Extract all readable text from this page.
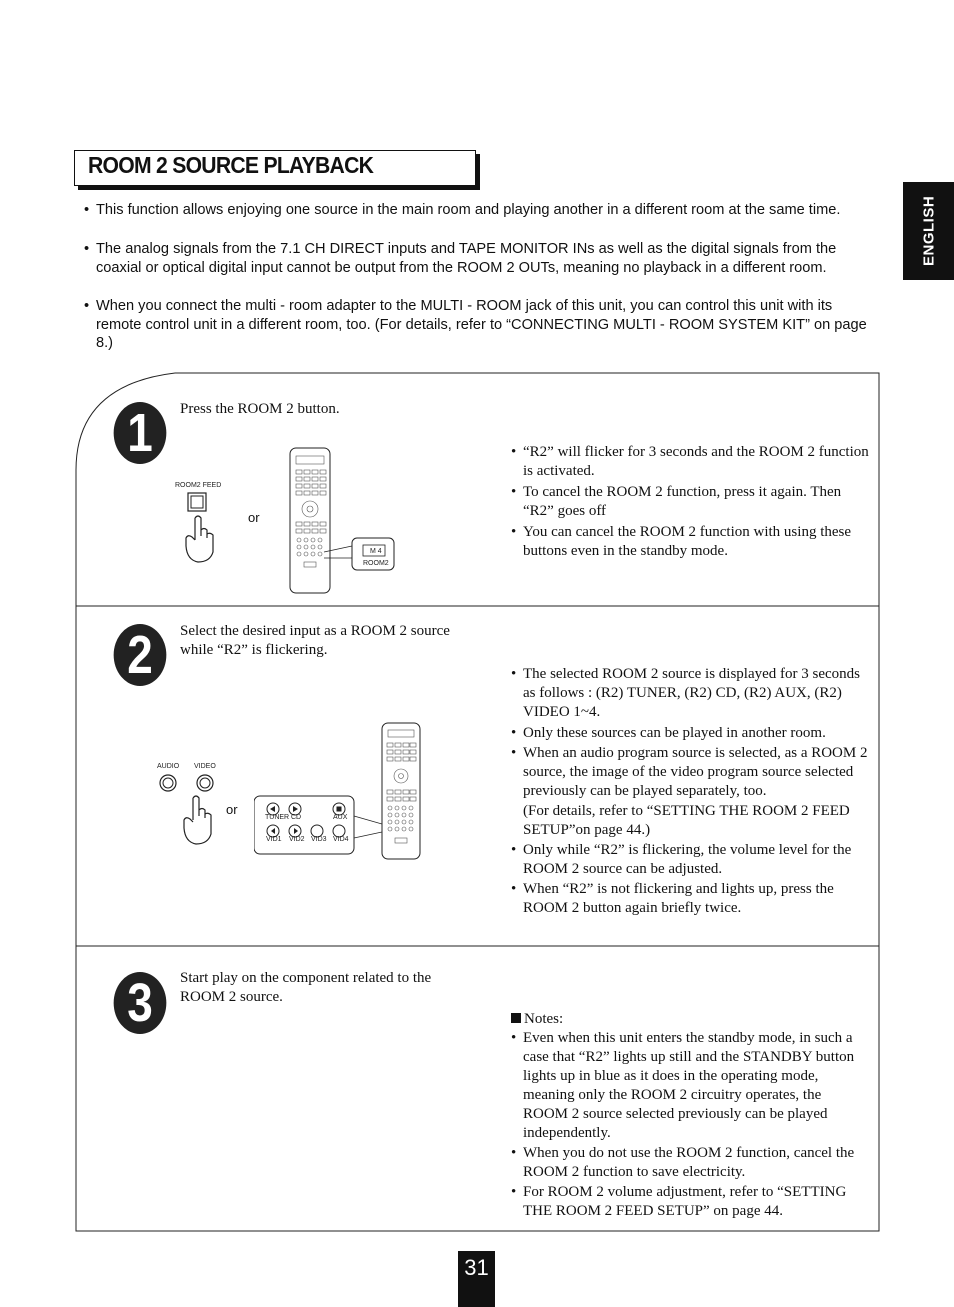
ROOM 2 SOURCE PLAYBACK
ENGLISH
• This function allows enjoying one source in the main room and playing another in a different room at the same time.
• The analog signals from the 7.1 CH DIRECT inputs and TAPE MONITOR INs as well as the digital signals from the coaxial or optical digital input cannot be output from the ROOM 2 OUTs, meaning no playback in a different room.
• When you connect the multi - room adapter to the MULTI - ROOM jack of this unit, you can control this unit with its remote control unit in a different room, too. (For details, refer to “CONNECTING MULTI - ROOM SYSTEM KIT” on page 8.)
1	Press the ROOM 2 button.
ROOM2 FEED
or
M 4
ROOM2
• “R2” will flicker for 3 seconds and the ROOM 2 function is activated.
• To cancel the ROOM 2 function, press it again. Then “R2” goes off
• You can cancel the ROOM 2 function with using these buttons even in the standby mode.
2	Select the desired input as a ROOM 2 source while “R2” is flickering.
AUDIO VIDEO
or
TUNER CD	AUX
VID1 VID2 VID3 VID4
• The selected ROOM 2 source is displayed for 3 seconds as follows : (R2) TUNER, (R2) CD, (R2) AUX, (R2) VIDEO 1~4.
• Only these sources can be played in another room.
• When an audio program source is selected, as a ROOM 2 source, the image of the video program source selected previously can be played separately, too.
(For details, refer to “SETTING THE ROOM 2 FEED SETUP”on page 44.)
• Only while “R2” is flickering, the volume level for the ROOM 2 source can be adjusted.
• When “R2” is not flickering and lights up, press the ROOM 2 button again briefly twice.
3	Start play on the component related to the ROOM 2 source.
Notes:
• Even when this unit enters the standby mode, in such a case that “R2” lights up still and the STANDBY button lights up in blue as it does in the operating mode, meaning only the ROOM 2 circuitry operates, the ROOM 2 source selected previously can be played independently.
• When you do not use the ROOM 2 function, cancel the ROOM 2 function to save electricity.
• For ROOM 2 volume adjustment, refer to “SETTING THE ROOM 2 FEED SETUP” on page 44.
31
